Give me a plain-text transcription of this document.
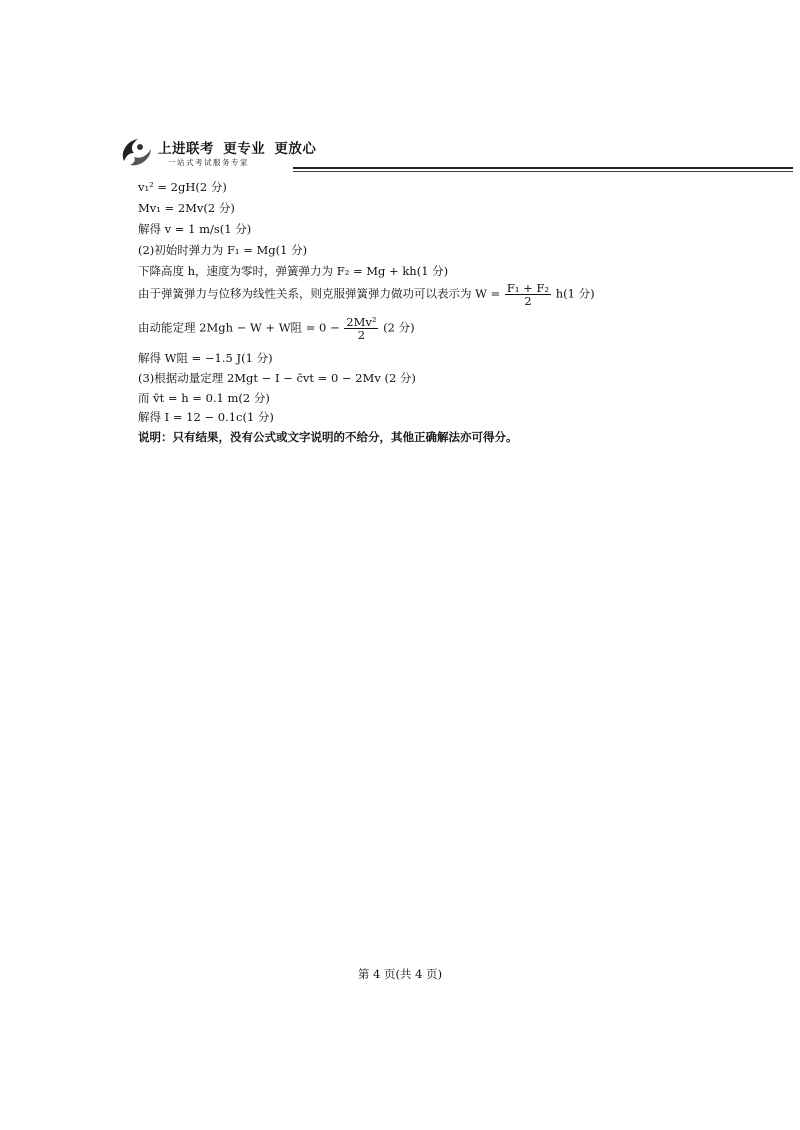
上进联考 更专业 更放心
一站式考试服务专家
v₁² = 2gH(2 分)
Mv₁ = 2Mv(2 分)
解得 v = 1 m/s(1 分)
(2)初始时弹力为 F₁ = Mg(1 分)
下降高度 h，速度为零时，弹簧弹力为 F₂ = Mg + kh(1 分)
由于弹簧弹力与位移为线性关系，则克服弹簧弹力做功可以表示为 $W = \frac{\text{F₁ + F₂}}{2} h(1$ 分)
由动能定理 2Mgh − W + W阻 = $0 - \frac{\text{2Mv²}}{2} (2$ 分)
解得 W阻 = −1.5 J(1 分)
(3)根据动量定理 2Mgt − I − c̄vt = 0 − 2Mv (2 分)
而 v̄t = h = 0.1 m(2 分)
解得 I = 12 − 0.1c(1 分)
说明：只有结果，没有公式或文字说明的不给分，其他正确解法亦可得分。
第 4 页(共 4 页)
